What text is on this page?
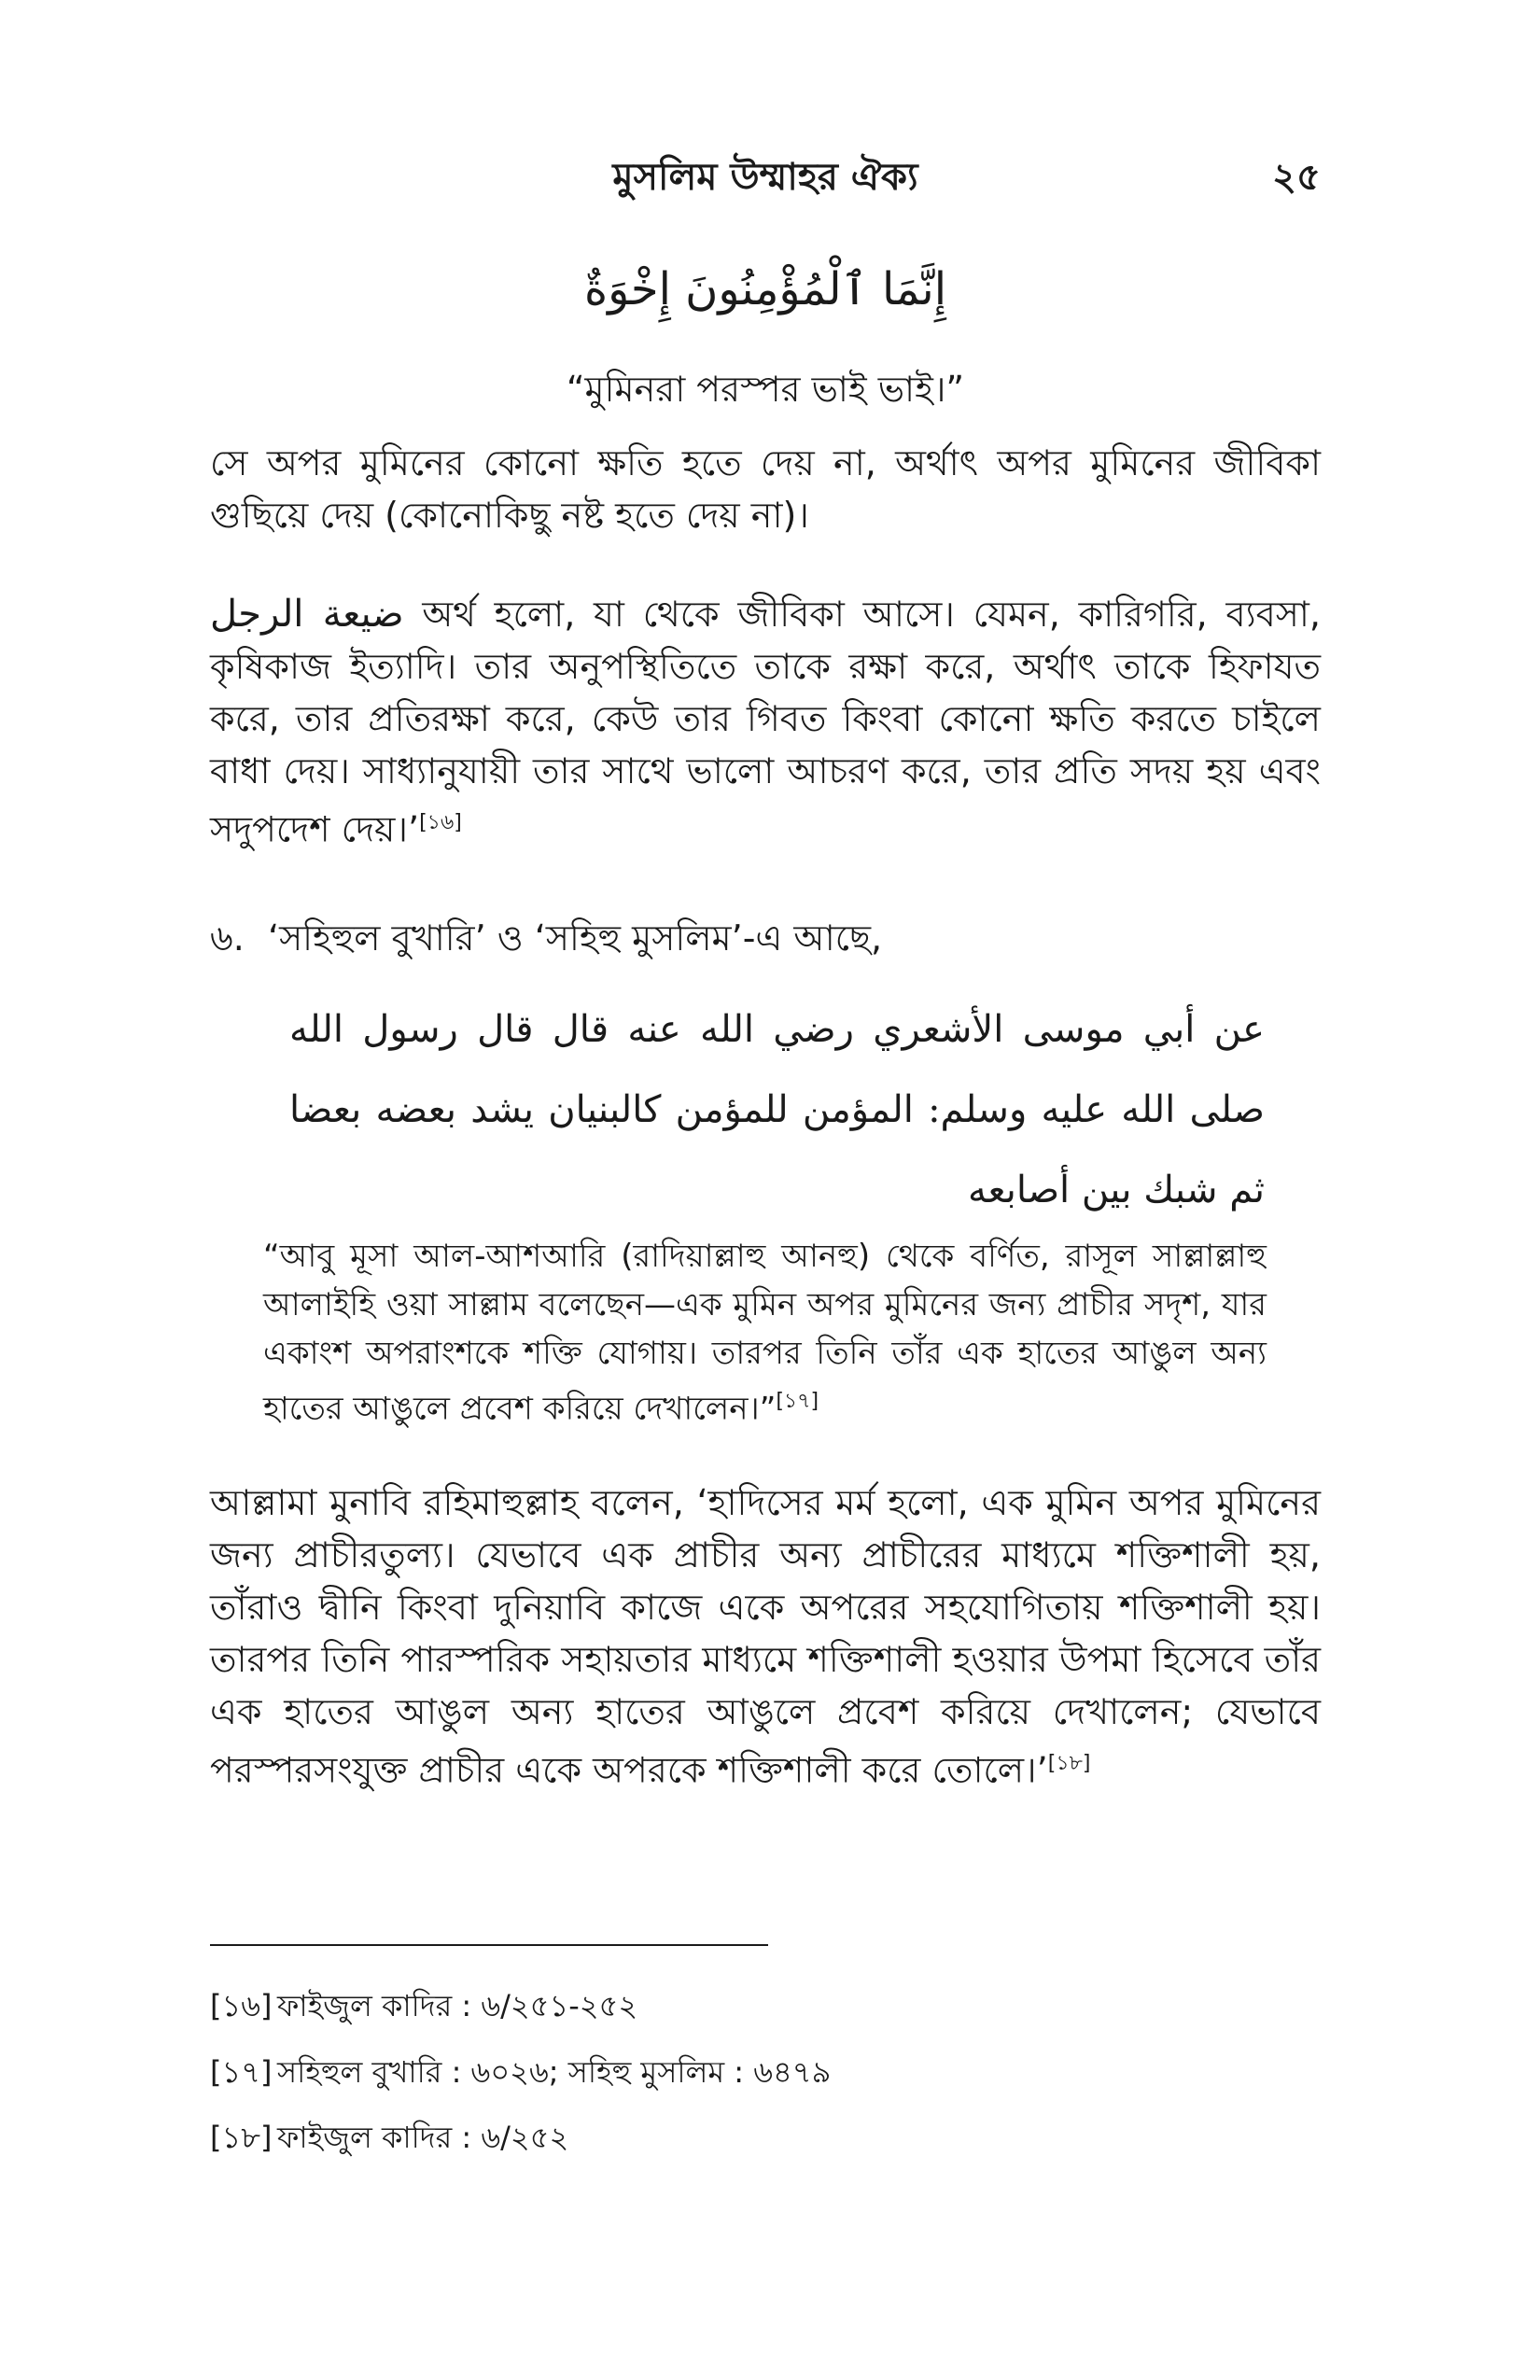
মুসলিম উম্মাহর ঐক্য	২৫
إِنَّمَا ٱلْمُؤْمِنُونَ إِخْوَةٌ
“মুমিনরা পরস্পর ভাই ভাই।”

সে অপর মুমিনের কোনো ক্ষতি হতে দেয় না, অর্থাৎ অপর মুমিনের জীবিকা গুছিয়ে দেয় (কোনোকিছু নষ্ট হতে দেয় না)।

ضيعة الرجل অর্থ হলো, যা থেকে জীবিকা আসে। যেমন, কারিগরি, ব্যবসা, কৃষিকাজ ইত্যাদি। তার অনুপস্থিতিতে তাকে রক্ষা করে, অর্থাৎ তাকে হিফাযত করে, তার প্রতিরক্ষা করে, কেউ তার গিবত কিংবা কোনো ক্ষতি করতে চাইলে বাধা দেয়। সাধ্যানুযায়ী তার সাথে ভালো আচরণ করে, তার প্রতি সদয় হয় এবং সদুপদেশ দেয়।’[১৬]

৬. ‘সহিহুল বুখারি’ ও ‘সহিহু মুসলিম’-এ আছে,

عن أبي موسى الأشعري رضي الله عنه قال قال رسول الله صلى الله عليه وسلم: المؤمن للمؤمن كالبنيان يشد بعضه بعضا ثم شبك بين أصابعه

“আবু মূসা আল-আশআরি (রাদিয়াল্লাহু আনহু) থেকে বর্ণিত, রাসূল সাল্লাল্লাহু আলাইহি ওয়া সাল্লাম বলেছেন—এক মুমিন অপর মুমিনের জন্য প্রাচীর সদৃশ, যার একাংশ অপরাংশকে শক্তি যোগায়। তারপর তিনি তাঁর এক হাতের আঙুল অন্য হাতের আঙুলে প্রবেশ করিয়ে দেখালেন।”[১৭]

আল্লামা মুনাবি রহিমাহুল্লাহ বলেন, ‘হাদিসের মর্ম হলো, এক মুমিন অপর মুমিনের জন্য প্রাচীরতুল্য। যেভাবে এক প্রাচীর অন্য প্রাচীরের মাধ্যমে শক্তিশালী হয়, তাঁরাও দ্বীনি কিংবা দুনিয়াবি কাজে একে অপরের সহযোগিতায় শক্তিশালী হয়। তারপর তিনি পারস্পরিক সহায়তার মাধ্যমে শক্তিশালী হওয়ার উপমা হিসেবে তাঁর এক হাতের আঙুল অন্য হাতের আঙুলে প্রবেশ করিয়ে দেখালেন; যেভাবে পরস্পরসংযুক্ত প্রাচীর একে অপরকে শক্তিশালী করে তোলে।’[১৮]

[১৬] ফাইজুল কাদির : ৬/২৫১-২৫২
[১৭] সহিহুল বুখারি : ৬০২৬; সহিহু মুসলিম : ৬৪৭৯
[১৮] ফাইজুল কাদির : ৬/২৫২
